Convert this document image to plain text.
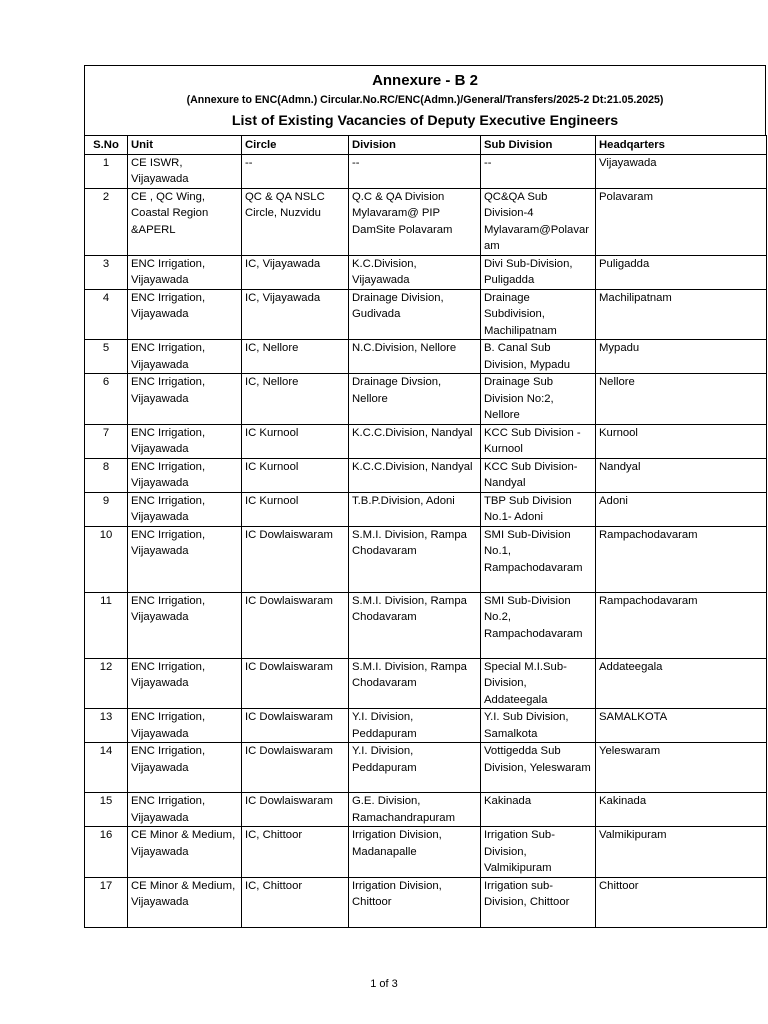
Annexure - B 2
(Annexure to ENC(Admn.) Circular.No.RC/ENC(Admn.)/General/Transfers/2025-2 Dt:21.05.2025)
List of Existing Vacancies of Deputy Executive Engineers
S.No	Unit	Circle	Division	Sub Division	Headqarters
1	CE ISWR, Vijayawada	--	--	--	Vijayawada
2	CE , QC Wing, Coastal Region &APERL	QC & QA NSLC Circle, Nuzvidu	Q.C & QA Division Mylavaram@ PIP DamSite Polavaram	QC&QA Sub Division-4 Mylavaram@Polavaram	Polavaram
3	ENC Irrigation, Vijayawada	IC, Vijayawada	K.C.Division, Vijayawada	Divi Sub-Division, Puligadda	Puligadda
4	ENC Irrigation, Vijayawada	IC, Vijayawada	Drainage Division, Gudivada	Drainage Subdivision, Machilipatnam	Machilipatnam
5	ENC Irrigation, Vijayawada	IC, Nellore	N.C.Division, Nellore	B. Canal Sub Division, Mypadu	Mypadu
6	ENC Irrigation, Vijayawada	IC, Nellore	Drainage Divsion, Nellore	Drainage Sub Division No:2, Nellore	Nellore
7	ENC Irrigation, Vijayawada	IC Kurnool	K.C.C.Division, Nandyal	KCC Sub Division - Kurnool	Kurnool
8	ENC Irrigation, Vijayawada	IC Kurnool	K.C.C.Division, Nandyal	KCC Sub Division- Nandyal	Nandyal
9	ENC Irrigation, Vijayawada	IC Kurnool	T.B.P.Division, Adoni	TBP Sub Division No.1- Adoni	Adoni
10	ENC Irrigation, Vijayawada	IC Dowlaiswaram	S.M.I. Division, Rampa Chodavaram	SMI Sub-Division No.1, Rampachodavaram	Rampachodavaram
11	ENC Irrigation, Vijayawada	IC Dowlaiswaram	S.M.I. Division, Rampa Chodavaram	SMI Sub-Division No.2, Rampachodavaram	Rampachodavaram
12	ENC Irrigation, Vijayawada	IC Dowlaiswaram	S.M.I. Division, Rampa Chodavaram	Special M.I.Sub-Division, Addateegala	Addateegala
13	ENC Irrigation, Vijayawada	IC Dowlaiswaram	Y.I. Division, Peddapuram	Y.I. Sub Division, Samalkota	SAMALKOTA
14	ENC Irrigation, Vijayawada	IC Dowlaiswaram	Y.I. Division, Peddapuram	Vottigedda Sub Division, Yeleswaram	Yeleswaram
15	ENC Irrigation, Vijayawada	IC Dowlaiswaram	G.E. Division, Ramachandrapuram	Kakinada	Kakinada
16	CE Minor & Medium, Vijayawada	IC, Chittoor	Irrigation Division, Madanapalle	Irrigation Sub-Division, Valmikipuram	Valmikipuram
17	CE Minor & Medium, Vijayawada	IC, Chittoor	Irrigation Division, Chittoor	Irrigation sub-Division, Chittoor	Chittoor
1 of 3
